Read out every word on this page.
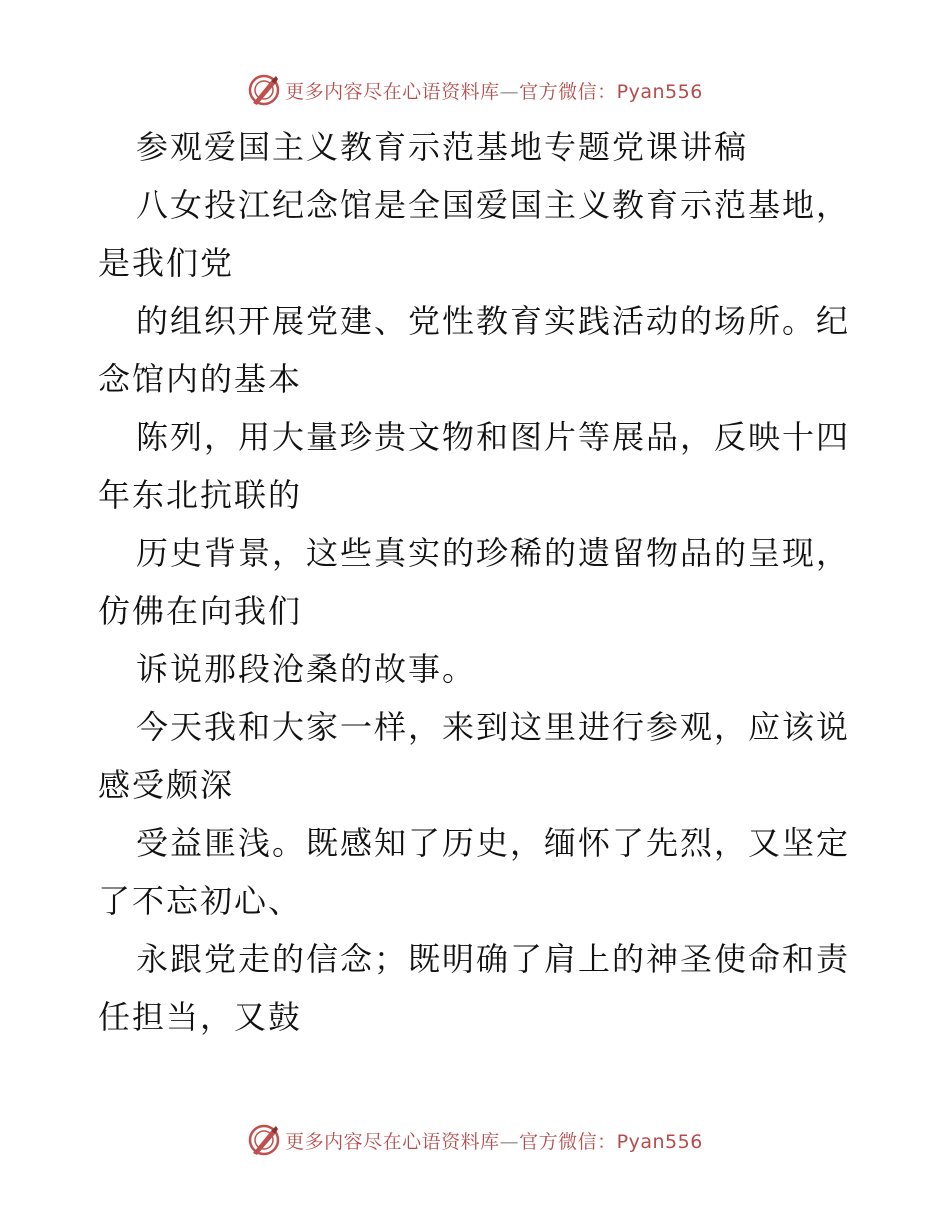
更多内容尽在心语资料库—官方微信：Pyan556
参观爱国主义教育示范基地专题党课讲稿
八女投江纪念馆是全国爱国主义教育示范基地，
是我们党
的组织开展党建、党性教育实践活动的场所。纪
念馆内的基本
陈列，用大量珍贵文物和图片等展品，反映十四
年东北抗联的
历史背景，这些真实的珍稀的遗留物品的呈现，
仿佛在向我们
诉说那段沧桑的故事。
今天我和大家一样，来到这里进行参观，应该说
感受颇深
受益匪浅。既感知了历史，缅怀了先烈，又坚定
了不忘初心、
永跟党走的信念；既明确了肩上的神圣使命和责
任担当，又鼓
更多内容尽在心语资料库—官方微信：Pyan556
